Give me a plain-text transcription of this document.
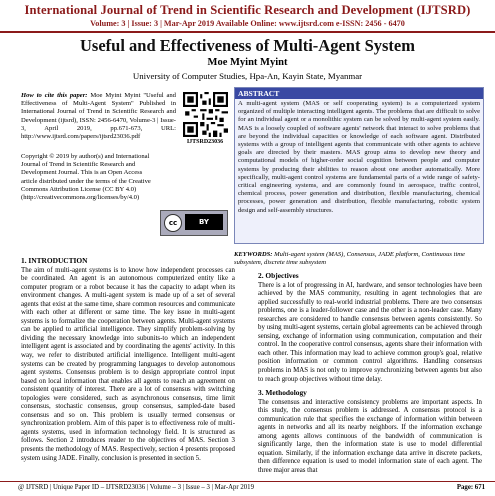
International Journal of Trend in Scientific Research and Development (IJTSRD)
Volume: 3 | Issue: 3 | Mar-Apr 2019 Available Online: www.ijtsrd.com e-ISSN: 2456 - 6470
Useful and Effectiveness of Multi-Agent System
Moe Myint Myint
University of Computer Studies, Hpa-An, Kayin State, Myanmar
How to cite this paper: Moe Myint Myint "Useful and Effectiveness of Multi-Agent System" Published in International Journal of Trend in Scientific Research and Development (ijtsrd), ISSN: 2456-6470, Volume-3 | Issue-3, April 2019, pp.671-673, URL: http://www.ijtsrd.com/papers/ijtsrd23036.pdf
IJTSRD23036
Copyright © 2019 by author(s) and International Journal of Trend in Scientific Research and Development Journal. This is an Open Access article distributed under the terms of the Creative Commons Attribution License (CC BY 4.0) (http://creativecommons.org/licenses/by/4.0)
cc	BY
ABSTRACT
A multi-agent system (MAS or self cooperating system) is a computerized system organized of multiple interacting intelligent agents. The problems that are difficult to solve for an individual agent or a monolithic system can be solved by multi-agent system easily. MAS is a loosely coupled of software agents' network that interact to solve problems that are beyond the individual capacities or knowledge of each software agent. Distributed systems with a group of intelligent agents that communicate with other agents to achieve goals are directed by their masters. MAS group aims to develop new theory and computational models of higher-order social cognition between people and computer systems by producing their abilities to reason about one another automatically. More specifically, multi-agent control systems are fundamental parts of a wide range of safety-critical engineering systems, and are commonly found in aerospace, traffic control, chemical process, power generation and distribution, flexible manufacturing, chemical processes, power generation and distribution, flexible manufacturing, robotic system design and self-assembly structures.
KEYWORDS: Multi-agent system (MAS), Consensus, JADE platform, Continuous time subsystem, discrete time subsystem
1. INTRODUCTION
The aim of multi-agent systems is to know how independent processes can be coordinated. An agent is an autonomous computerized entity like a computer program or a robot because it has the capacity to adapt when its environment changes. A multi-agent system is made up of a set of several agents that exist at the same time, share common resources and communicate with each other at different or same time. The key issue in multi-agent systems is to formalize the cooperation between agents. Multi-agent systems can be applied to artificial intelligence. They simplify problem-solving by dividing the necessary knowledge into subunits-to which an independent intelligent agent is associated and by coordinating the agents' activity. In this way, we refer to distributed artificial intelligence. Intelligent multi-agent systems can be created by programming languages to develop autonomous agent systems. Consensus problem is to design appropriate control input based on local information that enables all agents to reach an agreement on consistent quantity of interest. There are a lot of consensus with switching topologies were considered, such as asynchronous consensus, time limit consensus, stochastic consensus, group consensus, sampled-date based consensus and so on. This problem is usually termed consensus or synchronization problem. Aim of this paper is to effectiveness role of multi-agents systems, used in information technology field. It is structured as follows. Section 2 introduces reader to the objectives of MAS. Section 3 presents the methodology of MAS. Respectively, section 4 presents proposed system using JADE. Finally, conclusion is presented in section 5.
2. Objectives
There is a lot of progressing in AI, hardware, and sensor technologies have been achieved by the MAS community, resulting in agent technologies that are applied successfully to real-world industrial problems. There are two consensus problems, one is a leader-follower case and the other is a non-leader case. Many researches are considered to handle consensus between agents consistently. So by using multi-agent systems, certain global agreements can be achieved through sensing, exchange of information using communication, computation and their control. In the cooperative control consensus, agents share their information with each other. This information may lead to achieve common group's goal, relative position information or common control algorithms. Handling consensus problems in MAS is not only to improve synchronizing between agents but also to reach group objectives without time delay.
3. Methodology
The consensus and interactive consistency problems are important aspects. In this study, the consensus problem is addressed. A consensus protocol is a communication rule that specifies the exchange of information within between agents in networks and all its nearby neighbors. If the information exchange among agents allows continuous of the bandwidth of communication is significantly large, then the information state is use to model differential equation. Similarly, if the information exchange data arrive in discrete packets, then difference equation is used to model information state of each agent. The three major areas that
@ IJTSRD | Unique Paper ID – IJTSRD23036 | Volume – 3 | Issue – 3 | Mar-Apr 2019	Page: 671
